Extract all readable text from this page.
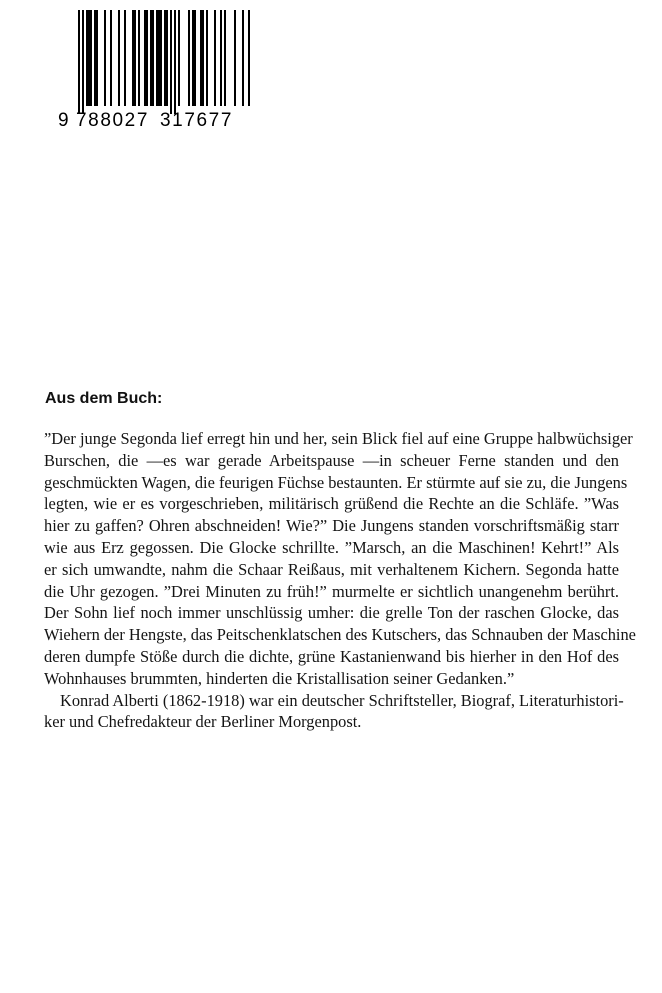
9 788027 317677
Aus dem Buch:
”Der junge Segonda lief erregt hin und her, sein Blick fiel auf eine Gruppe halbwüchsiger
Burschen, die —es war gerade Arbeitspause —in scheuer Ferne standen und den
geschmückten Wagen, die feurigen Füchse bestaunten. Er stürmte auf sie zu, die Jungens
legten, wie er es vorgeschrieben, militärisch grüßend die Rechte an die Schläfe. ”Was
hier zu gaffen? Ohren abschneiden! Wie?” Die Jungens standen vorschriftsmäßig starr
wie aus Erz gegossen. Die Glocke schrillte. ”Marsch, an die Maschinen! Kehrt!” Als
er sich umwandte, nahm die Schaar Reißaus, mit verhaltenem Kichern. Segonda hatte
die Uhr gezogen. ”Drei Minuten zu früh!” murmelte er sichtlich unangenehm berührt.
Der Sohn lief noch immer unschlüssig umher: die grelle Ton der raschen Glocke, das
Wiehern der Hengste, das Peitschenklatschen des Kutschers, das Schnauben der Maschine
deren dumpfe Stöße durch die dichte, grüne Kastanienwand bis hierher in den Hof des
Wohnhauses brummten, hinderten die Kristallisation seiner Gedanken.”
Konrad Alberti (1862-1918) war ein deutscher Schriftsteller, Biograf, Literaturhistori-
ker und Chefredakteur der Berliner Morgenpost.
